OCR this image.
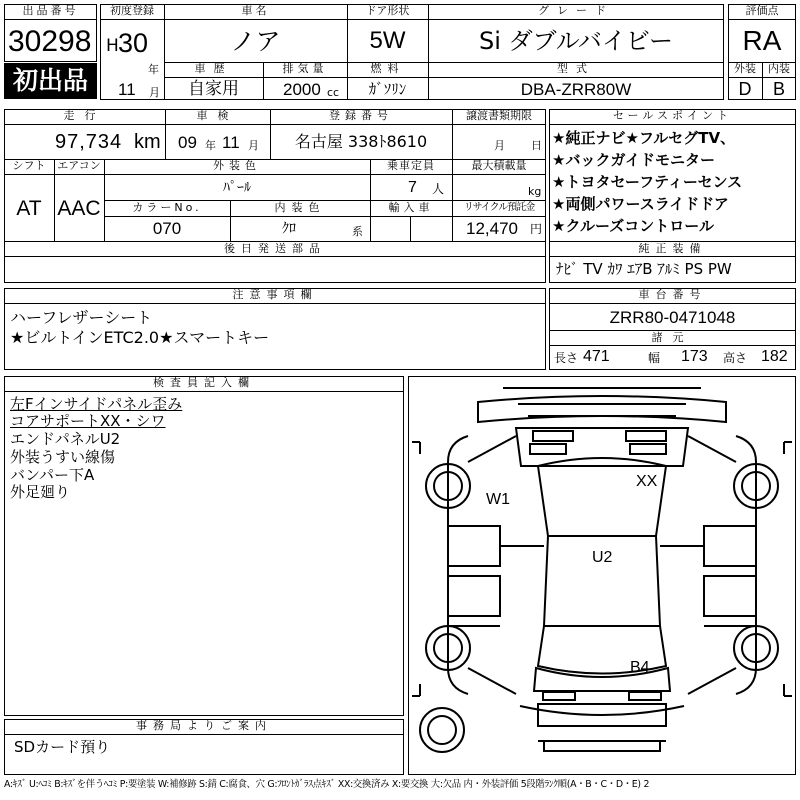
出品番号
30298
初出品
初度登録
H 30
年
11 月
車名
ノア
ドア形状
5W
グレード
Si ダブルバイビー
車歴
自家用
排気量
2000 cc
燃料
ｶﾞｿﾘﾝ
型式
DBA-ZRR80W
評価点
RA
外装	内装
D	B
走行
97,734 km
車検
09 年 11 月
登録番号
名古屋 338ﾄ8610
譲渡書類期限
月 日
シフト
AT
エアコン
AAC
外装色
ﾊﾟｰﾙ
乗車定員
7 人
最大積載量
kg
カラーNo.
070
内装色
ｸﾛ	系
輸入車	リサイクル預託金
12,470 円
後日発送部品
セールスポイント
★純正ナビ★フルセグTV、
★バックガイドモニター
★トヨタセーフティーセンス
★両側パワースライドドア
★クルーズコントロール
純正装備
ﾅﾋﾞ TV ｶﾜ ｴｱB ｱﾙﾐ PS PW
注意事項欄
ハーフレザーシート
★ビルトインETC2.0★スマートキー
車台番号
ZRR80-0471048
諸元
長さ 471	幅 173 高さ 182
検査員記入欄
左Fインサイドパネル歪み
コアサポートXX・シワ
エンドパネルU2
外装うすい線傷
バンパー下A
外足廻り
事務局よりご案内
SDカード預り
W1
XX
U2
B4
A:ｷｽﾞ U:ﾍｺﾐ B:ｷｽﾞを伴うﾍｺﾐ P:要塗装 W:補修跡 S:錆 C:腐食、穴 G:ﾌﾛﾝﾄｶﾞﾗｽ点ｷｽﾞ XX:交換済み X:要交換 大:欠品 内・外装評価 5段階ﾗﾝｸ順(A・B・C・D・E) 2
